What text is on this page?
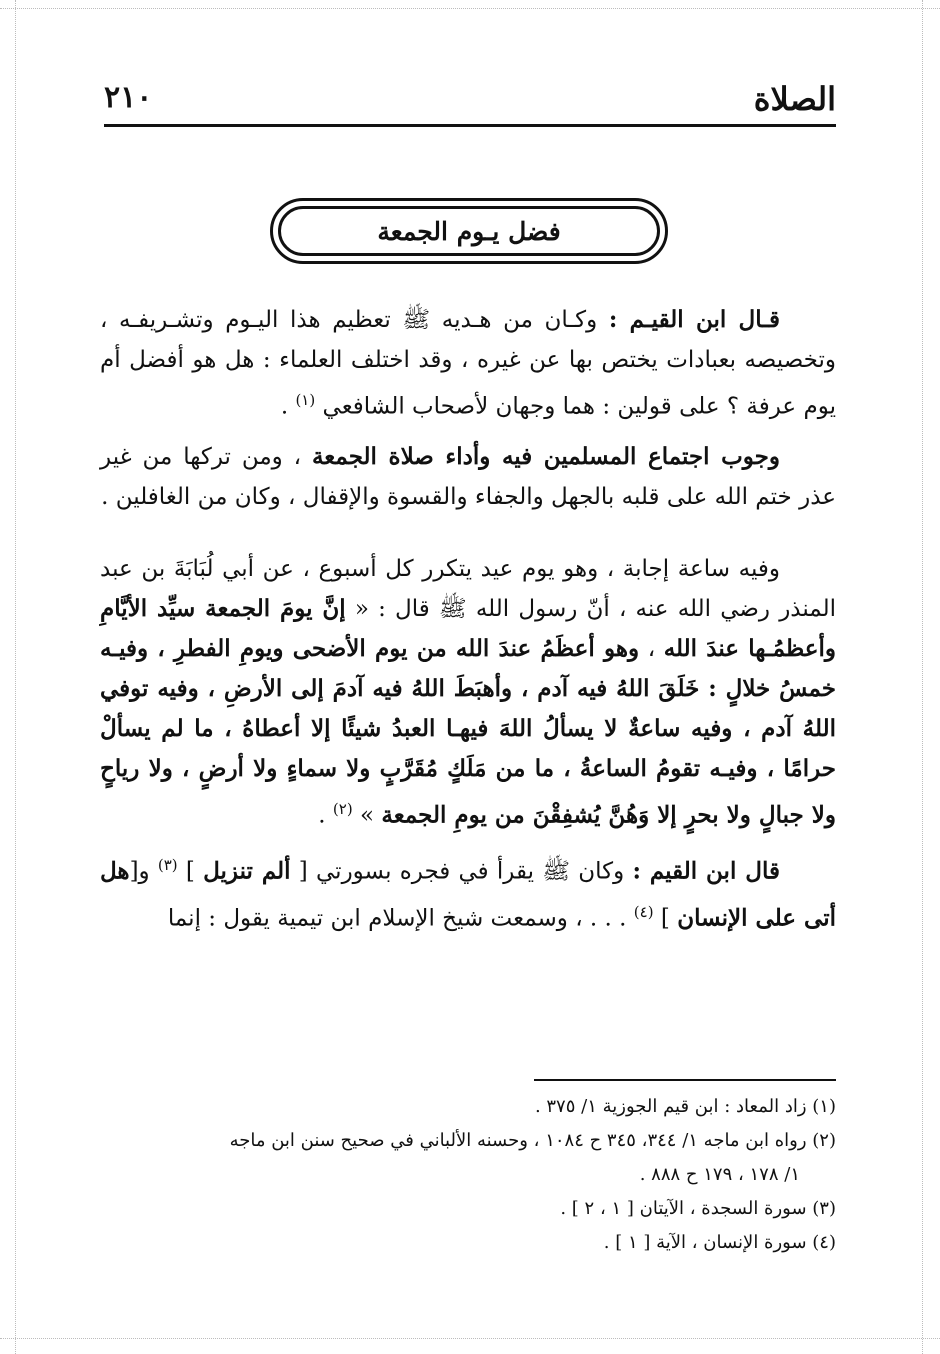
الصلاة
٢١٠
فضل يـوم الجمعة

قـال ابن القيـم : وكـان من هـديه ﷺ تعظيم هذا اليـوم وتشـريفـه ، وتخصيصه بعبادات يختص بها عن غيره ، وقد اختلف العلماء : هل هو أفضل أم يوم عرفة ؟ على قولين : هما وجهان لأصحاب الشافعي $^{(١)}$ .

وجوب اجتماع المسلمين فيه وأداء صلاة الجمعة ، ومن تركها من غير عذر ختم الله على قلبه بالجهل والجفاء والقسوة والإقفال ، وكان من الغافلين .

وفيه ساعة إجابة ، وهو يوم عيد يتكرر كل أسبوع ، عن أبي لُبَابَةَ بن عبد المنذر رضي الله عنه ، أنّ رسول الله ﷺ قال : « إنَّ يومَ الجمعة سيِّد الأيَّامِ وأعظمُـها عندَ الله ، وهو أعظَمُ عندَ الله من يوم الأضحى ويومِ الفطرِ ، وفيـه خمسُ خلالٍ : خَلَقَ اللهُ فيه آدم ، وأهبَطَ اللهُ فيه آدمَ إلى الأرضِ ، وفيه توفي اللهُ آدم ، وفيه ساعةٌ لا يسألُ اللهَ فيهـا العبدُ شيئًا إلا أعطاهُ ، ما لم يسألْ حرامًا ، وفيـه تقومُ الساعةُ ، ما من مَلَكٍ مُقَرَّبٍ ولا سماءٍ ولا أرضٍ ، ولا رياحٍ ولا جبالٍ ولا بحرٍ إلا وَهُنَّ يُشفِقْنَ من يومِ الجمعة » $^{(٢)}$ .

قال ابن القيم : وكان ﷺ يقرأ في فجره بسورتي [ ألم تنزيل ] $^{(٣)}$ و[هل أتى على الإنسان ] $^{(٤)}$ . . . ، وسمعت شيخ الإسلام ابن تيمية يقول : إنما

(١) زاد المعاد : ابن قيم الجوزية ١/ ٣٧٥ .

(٢) رواه ابن ماجه ١/ ٣٤٤، ٣٤٥ ح ١٠٨٤ ، وحسنه الألباني في صحيح سنن ابن ماجه

١/ ١٧٨ ، ١٧٩ ح ٨٨٨ .

(٣) سورة السجدة ، الآيتان [ ١ ، ٢ ] .

(٤) سورة الإنسان ، الآية [ ١ ] .
